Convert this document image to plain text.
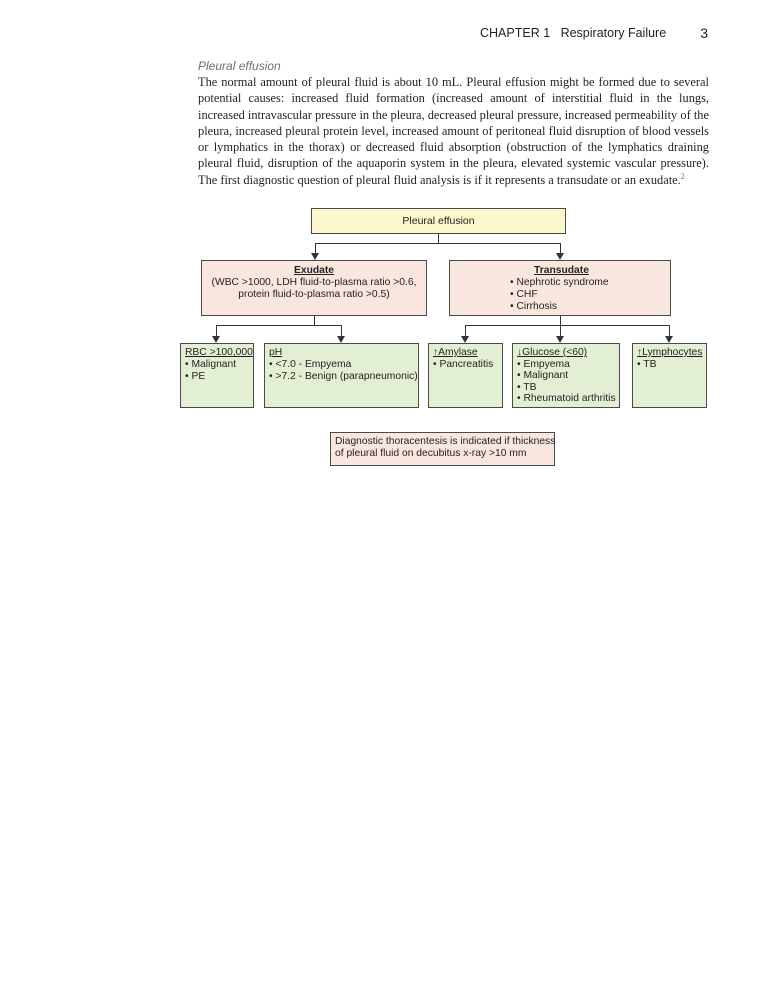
CHAPTER 1 Respiratory Failure 3
Pleural effusion
The normal amount of pleural fluid is about 10 mL. Pleural effusion might be formed due to several potential causes: increased fluid formation (increased amount of interstitial fluid in the lungs, increased intravascular pressure in the pleura, decreased pleural pressure, increased permeability of the pleura, increased pleural protein level, increased amount of peritoneal fluid disruption of blood vessels or lymphatics in the thorax) or decreased fluid absorption (obstruction of the lymphatics draining pleural fluid, disruption of the aquaporin system in the pleura, elevated systemic vascular pressure). The first diagnostic question of pleural fluid analysis is if it represents a transudate or an exudate.$^2$
Pleural effusion
Exudate
(WBC >1000, LDH fluid-to-plasma ratio >0.6,
protein fluid-to-plasma ratio >0.5)
Transudate
• Nephrotic syndrome
• CHF
• Cirrhosis
RBC >100,000
• Malignant
• PE
pH
• <7.0 - Empyema
• >7.2 - Benign (parapneumonic)
↑Amylase
• Pancreatitis
↓Glucose (<60)
• Empyema
• Malignant
• TB
• Rheumatoid arthritis
↑Lymphocytes
• TB
Diagnostic thoracentesis is indicated if thickness
of pleural fluid on decubitus x-ray >10 mm
